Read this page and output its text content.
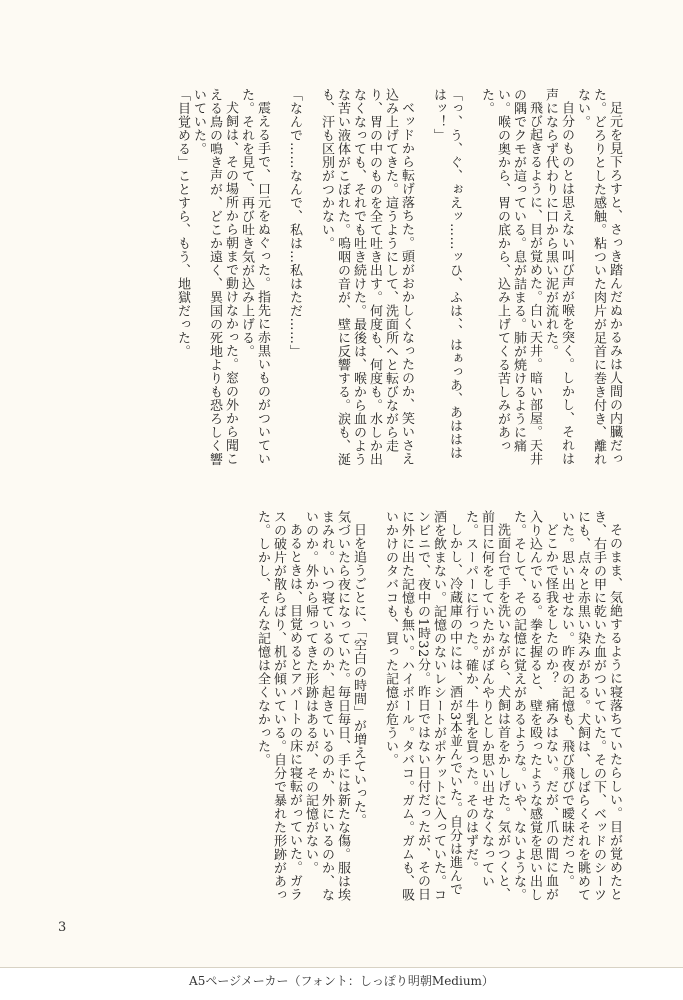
足元を見下ろすと、さっき踏んだぬかるみは人間の内臓だった。どろりとした感触。粘ついた肉片が足首に巻き付き、離れない。

自分のものとは思えない叫び声が喉を突く。しかし、それは声にならず代わりに口から黒い泥が流れた。

飛び起きるように、目が覚めた。白い天井。暗い部屋。天井の隅でクモが這っている。息が詰まる。肺が焼けるように痛い。喉の奥から、胃の底から、込み上げてくる苦しみがあった。

「っ、う、ぐ、ぉえッ……ッひ、ふは、、はぁっあ、あははははッ！」

ベッドから転げ落ちた。頭がおかしくなったのか、笑いさえ込み上げてきた。這うようにして、洗面所へと転びながら走り、胃の中のものを全て吐き出す。何度も、何度も。水しか出なくなっても、それでも吐き続けた。最後は、喉から血のような苦い液体がこぼれた。嗚咽の音が、壁に反響する。涙も、涎も、汗も区別がつかない。

「なんで……なんで、私は…私はただ……」

震える手で、口元をぬぐった。指先に赤黒いものがついていた。それを見て、再び吐き気が込み上げる。

犬飼は、その場所から朝まで動けなかった。窓の外から聞こえる鳥の鳴き声が、どこか遠く、異国の死地よりも恐ろしく響いていた。

「目覚める」ことすら、もう、地獄だった。

そのまま、気絶するように寝落ちていたらしい。目が覚めたとき、右手の甲に乾いた血がついていた。その下、ベッドのシーツにも、点々と赤黒い染みがある。犬飼は、しばらくそれを眺めていた。思い出せない。昨夜の記憶も、飛び飛びで曖昧だった。

どこかで怪我をしたのか？　痛みはない。だが、爪の間に血が入り込んでいる。拳を握ると、壁を殴ったような感覚を思い出した。そして、その記憶に覚えがあるような。いや、ないような。

洗面台で手を洗いながら、犬飼は首をかしげた。気がつくと、前日に何をしていたかがぼんやりとしか思い出せなくなっていた。スーパーに行った。確か、牛乳を買った。そのはずだ。

しかし、冷蔵庫の中には、酒が3本並んでいた。自分は進んで酒を飲まない。記憶のないレシートがポケットに入っていた。コンビニで、夜中の1時32分。昨日ではない日付だったが、その日に外に出た記憶も無い。ハイボール。タバコ。ガム。ガムも、吸いかけのタバコも、買った記憶が危うい。

日を追うごとに、「空白の時間」が増えていった。

気づいたら夜になっていた。毎日毎日、手には新たな傷。服は埃まみれ。いつ寝ているのか、起きているのか、外にいるのか、ないのか。外から帰ってきた形跡はあるが、その記憶がない。

あるときは、目覚めるとアパートの床に寝転がっていた。ガラスの破片が散らばり、机が傾いている。自分で暴れた形跡があった。しかし、そんな記憶は全くなかった。

3
A5ページメーカー（フォント：しっぽり明朝Medium）
